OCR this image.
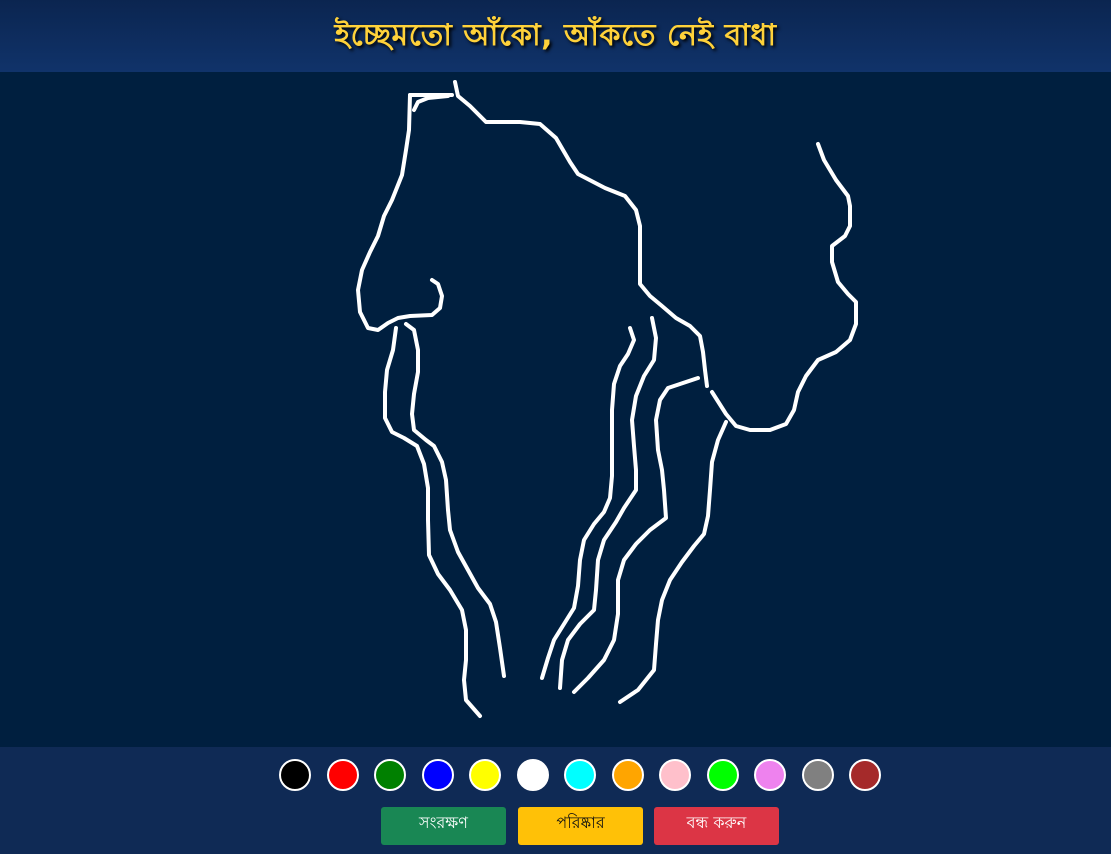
ইচ্ছেমতো আঁকো, আঁকতে নেই বাধা
সংরক্ষণ	পরিষ্কার	বন্ধ করুন
